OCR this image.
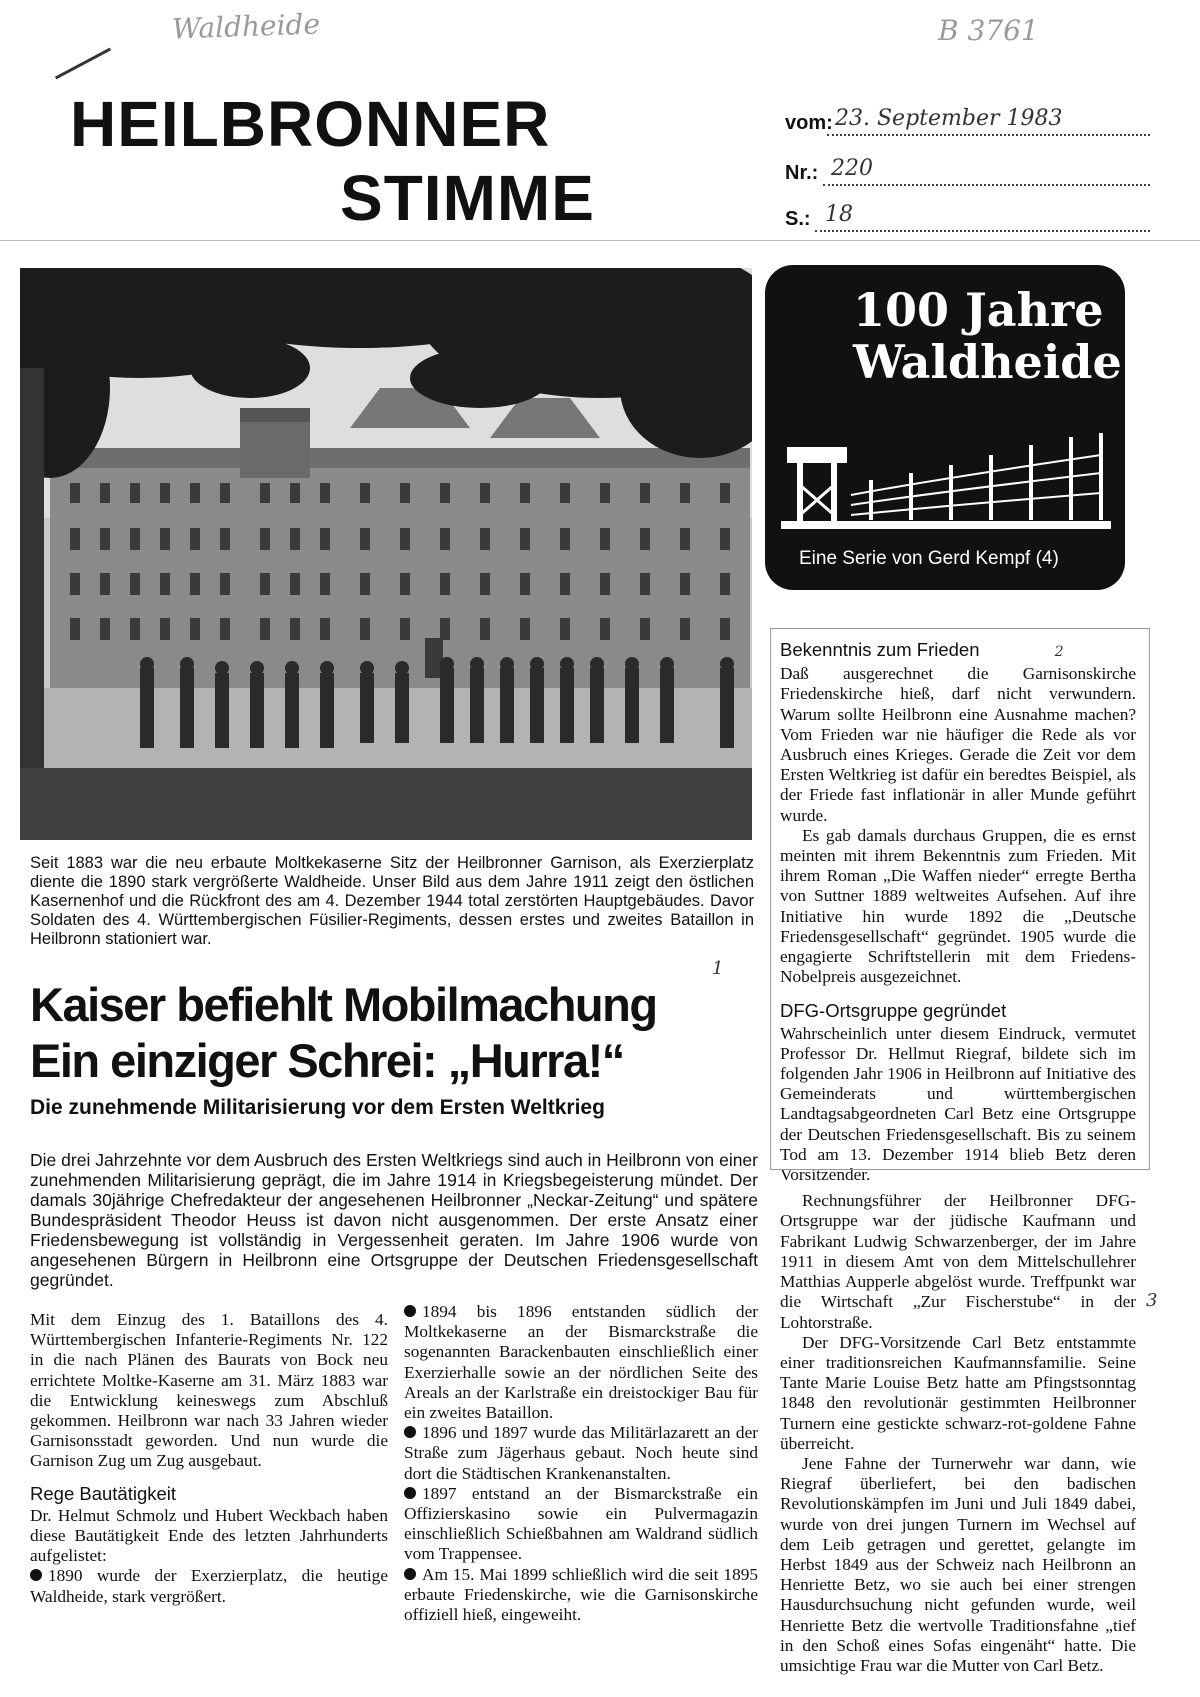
Waldheide	B 3761
HEILBRONNER
STIMME
vom: 23. September 1983
Nr.: 220
S.: 18
100 Jahre
Waldheide
Eine Serie von Gerd Kempf (4)
Seit 1883 war die neu erbaute Moltkekaserne Sitz der Heilbronner Garnison, als Exerzierplatz diente die 1890 stark vergrößerte Waldheide. Unser Bild aus dem Jahre 1911 zeigt den östlichen Kasernenhof und die Rückfront des am 4. Dezember 1944 total zerstörten Hauptgebäudes. Davor Soldaten des 4. Württembergischen Füsilier-Regiments, dessen erstes und zweites Bataillon in Heilbronn stationiert war.
Kaiser befiehlt Mobilmachung
Ein einziger Schrei: „Hurra!“
1
Die zunehmende Militarisierung vor dem Ersten Weltkrieg
Die drei Jahrzehnte vor dem Ausbruch des Ersten Weltkriegs sind auch in Heilbronn von einer zunehmenden Militarisierung geprägt, die im Jahre 1914 in Kriegsbegeisterung mündet. Der damals 30jährige Chefredakteur der angesehenen Heilbronner „Neckar-Zeitung“ und spätere Bundespräsident Theodor Heuss ist davon nicht ausgenommen. Der erste Ansatz einer Friedensbewegung ist vollständig in Vergessenheit geraten. Im Jahre 1906 wurde von angesehenen Bürgern in Heilbronn eine Ortsgruppe der Deutschen Friedensgesellschaft gegründet.

Mit dem Einzug des 1. Bataillons des 4. Württembergischen Infanterie-Regiments Nr. 122 in die nach Plänen des Baurats von Bock neu errichtete Moltke-Kaserne am 31. März 1883 war die Entwicklung keineswegs zum Abschluß gekommen. Heilbronn war nach 33 Jahren wieder Garnisonsstadt geworden. Und nun wurde die Garnison Zug um Zug ausgebaut.

Rege Bautätigkeit

Dr. Helmut Schmolz und Hubert Weckbach haben diese Bautätigkeit Ende des letzten Jahrhunderts aufgelistet:

1890 wurde der Exerzierplatz, die heutige Waldheide, stark vergrößert.

1894 bis 1896 entstanden südlich der Moltkekaserne an der Bismarckstraße die sogenannten Barackenbauten einschließlich einer Exerzierhalle sowie an der nördlichen Seite des Areals an der Karlstraße ein dreistockiger Bau für ein zweites Bataillon.

1896 und 1897 wurde das Militärlazarett an der Straße zum Jägerhaus gebaut. Noch heute sind dort die Städtischen Krankenanstalten.

1897 entstand an der Bismarckstraße ein Offizierskasino sowie ein Pulvermagazin einschließlich Schießbahnen am Waldrand südlich vom Trappensee.

Am 15. Mai 1899 schließlich wird die seit 1895 erbaute Friedenskirche, wie die Garnisonskirche offiziell hieß, eingeweiht.

Bekenntnis zum Frieden	2

Daß ausgerechnet die Garnisonskirche Friedenskirche hieß, darf nicht verwundern. Warum sollte Heilbronn eine Ausnahme machen? Vom Frieden war nie häufiger die Rede als vor Ausbruch eines Krieges. Gerade die Zeit vor dem Ersten Weltkrieg ist dafür ein beredtes Beispiel, als der Friede fast inflationär in aller Munde geführt wurde.

Es gab damals durchaus Gruppen, die es ernst meinten mit ihrem Bekenntnis zum Frieden. Mit ihrem Roman „Die Waffen nieder“ erregte Bertha von Suttner 1889 weltweites Aufsehen. Auf ihre Initiative hin wurde 1892 die „Deutsche Friedensgesellschaft“ gegründet. 1905 wurde die engagierte Schriftstellerin mit dem Friedens-Nobelpreis ausgezeichnet.

DFG-Ortsgruppe gegründet

Wahrscheinlich unter diesem Eindruck, vermutet Professor Dr. Hellmut Riegraf, bildete sich im folgenden Jahr 1906 in Heilbronn auf Initiative des Gemeinderats und württembergischen Landtagsabgeordneten Carl Betz eine Ortsgruppe der Deutschen Friedensgesellschaft. Bis zu seinem Tod am 13. Dezember 1914 blieb Betz deren Vorsitzender.

Rechnungsführer der Heilbronner DFG-Ortsgruppe war der jüdische Kaufmann und Fabrikant Ludwig Schwarzenberger, der im Jahre 1911 in diesem Amt von dem Mittelschullehrer Matthias Aupperle abgelöst wurde. Treffpunkt war die Wirtschaft „Zur Fischerstube“ in der Lohtorstraße.

Der DFG-Vorsitzende Carl Betz entstammte einer traditionsreichen Kaufmannsfamilie. Seine Tante Marie Louise Betz hatte am Pfingstsonntag 1848 den revolutionär gestimmten Heilbronner Turnern eine gestickte schwarz-rot-goldene Fahne überreicht.

Jene Fahne der Turnerwehr war dann, wie Riegraf überliefert, bei den badischen Revolutionskämpfen im Juni und Juli 1849 dabei, wurde von drei jungen Turnern im Wechsel auf dem Leib getragen und gerettet, gelangte im Herbst 1849 aus der Schweiz nach Heilbronn an Henriette Betz, wo sie auch bei einer strengen Hausdurchsuchung nicht gefunden wurde, weil Henriette Betz die wertvolle Traditionsfahne „tief in den Schoß eines Sofas eingenäht“ hatte. Die umsichtige Frau war die Mutter von Carl Betz.

3
